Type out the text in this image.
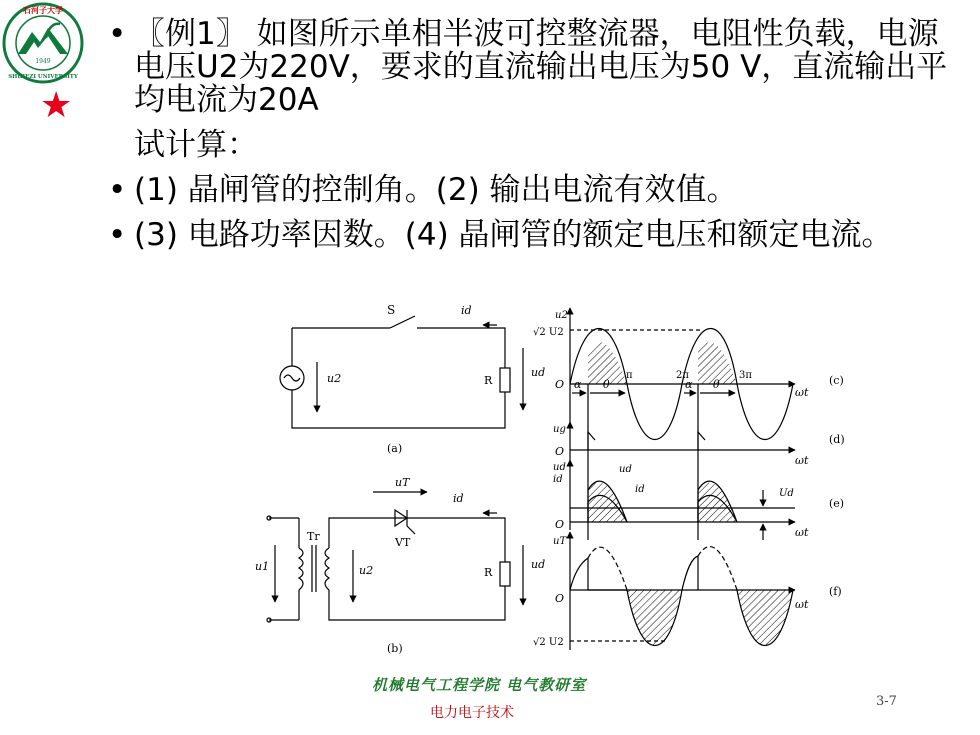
1949
石河子大学
SHIHEZI UNIVERSITY
★
• 〖例1〗 如图所示单相半波可控整流器，电阻性负载，电源电压U2为220V，要求的直流输出电压为50 V，直流输出平均电流为20A
试计算：
• (1) 晶闸管的控制角。(2) 输出电流有效值。
• (3) 电路功率因数。(4) 晶闸管的额定电压和额定电流。
S	id
u2	R
ud
(a)
uT
id
Tr	VT
u1	u2	R
ud
(b)
u2
√2 U2
O α θ
π	2π
α θ
3π
ωt
(c)
ug
O
ωt
(d)
ud
id
ud
id	Ud
O
ωt
(e)
uT
O	ωt
√2 U2
(f)
机械电气工程学院 电气教研室
电力电子技术
3-7
